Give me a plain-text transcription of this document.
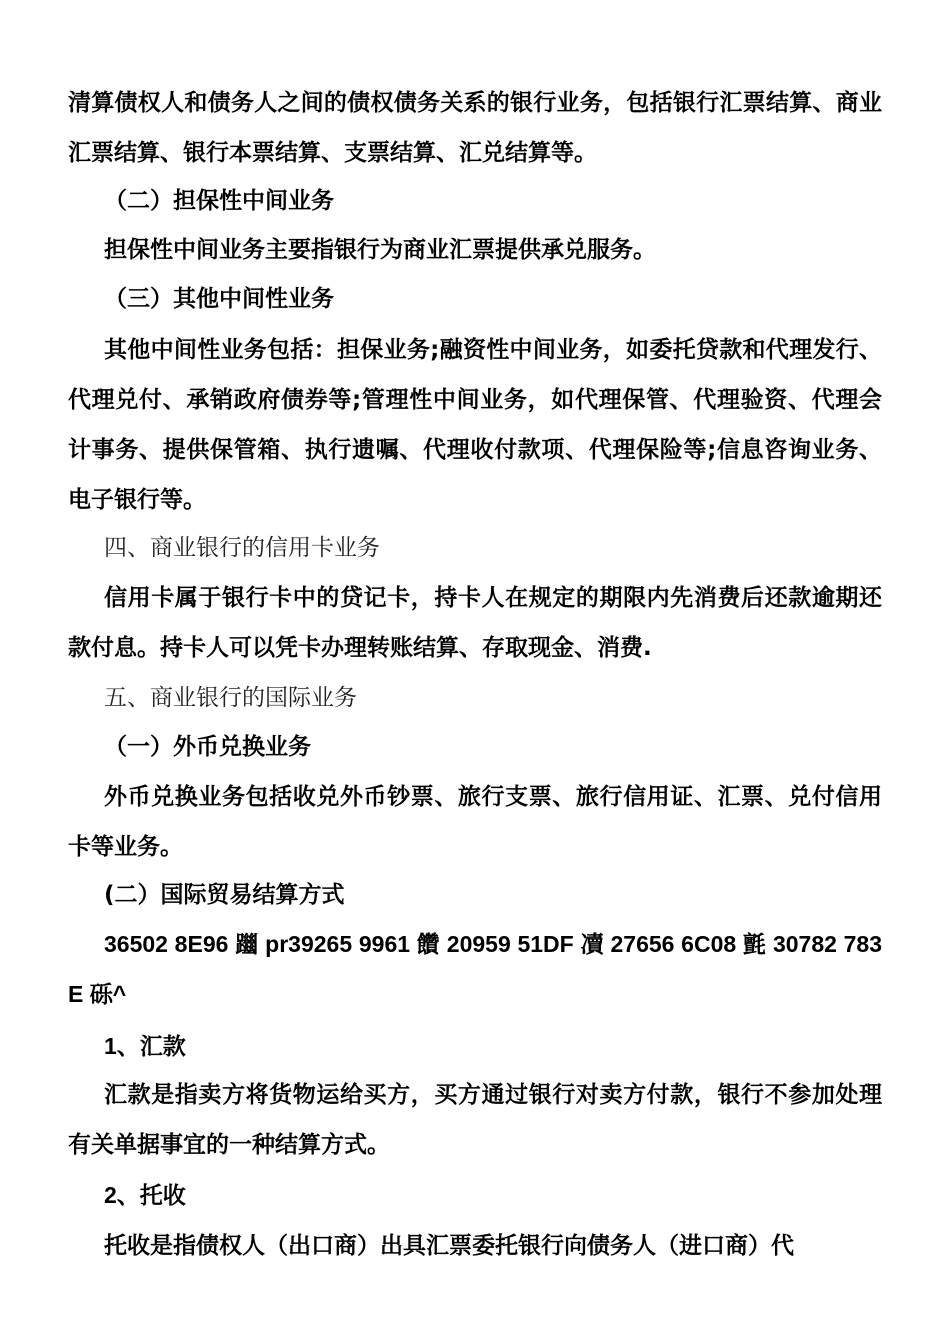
清算债权人和债务人之间的债权债务关系的银行业务，包括银行汇票结算、商业汇票结算、银行本票结算、支票结算、汇兑结算等。

（二）担保性中间业务

担保性中间业务主要指银行为商业汇票提供承兑服务。

（三）其他中间性业务

其他中间性业务包括：担保业务;融资性中间业务，如委托贷款和代理发行、代理兑付、承销政府债券等;管理性中间业务，如代理保管、代理验资、代理会计事务、提供保管箱、执行遗嘱、代理收付款项、代理保险等;信息咨询业务、电子银行等。

四、商业银行的信用卡业务

信用卡属于银行卡中的贷记卡，持卡人在规定的期限内先消费后还款逾期还款付息。持卡人可以凭卡办理转账结算、存取现金、消费.

五、商业银行的国际业务

（一）外币兑换业务

外币兑换业务包括收兑外币钞票、旅行支票、旅行信用证、汇票、兑付信用卡等业务。

(二）国际贸易结算方式

36502 8E96 躖 pr39265 9961 饡 20959 51DF 凟 27656 6C08 氈 30782 783E 砾^

1、汇款

汇款是指卖方将货物运给买方，买方通过银行对卖方付款，银行不参加处理有关单据事宜的一种结算方式。

2、托收

托收是指债权人（出口商）出具汇票委托银行向债务人（进口商）代
